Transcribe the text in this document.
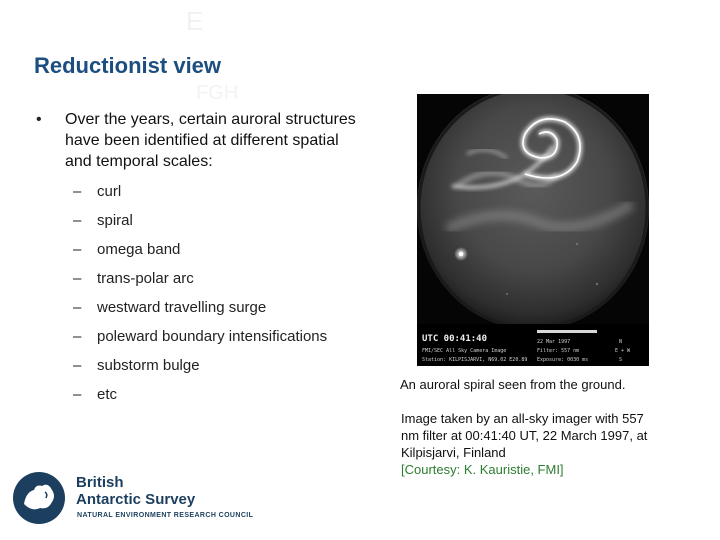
E
FGH
Reductionist view
• Over the years, certain auroral structures have been identified at different spatial and temporal scales:
– curl
– spiral
– omega band
– trans-polar arc
– westward travelling surge
– poleward boundary intensifications
– substorm bulge
– etc
UTC 00:41:40
FMI/SEC All Sky Camera Image
Station: KILPISJARVI, N69.02 E20.89
22 Mar 1997
Filter: 557 nm
Exposure: 0030 ms
N
E + W
S
An auroral spiral seen from the ground.
Image taken by an all-sky imager with 557 nm filter at 00:41:40 UT, 22 March 1997, at Kilpisjarvi, Finland
[Courtesy: K. Kauristie, FMI]
British
Antarctic Survey
NATURAL ENVIRONMENT RESEARCH COUNCIL
